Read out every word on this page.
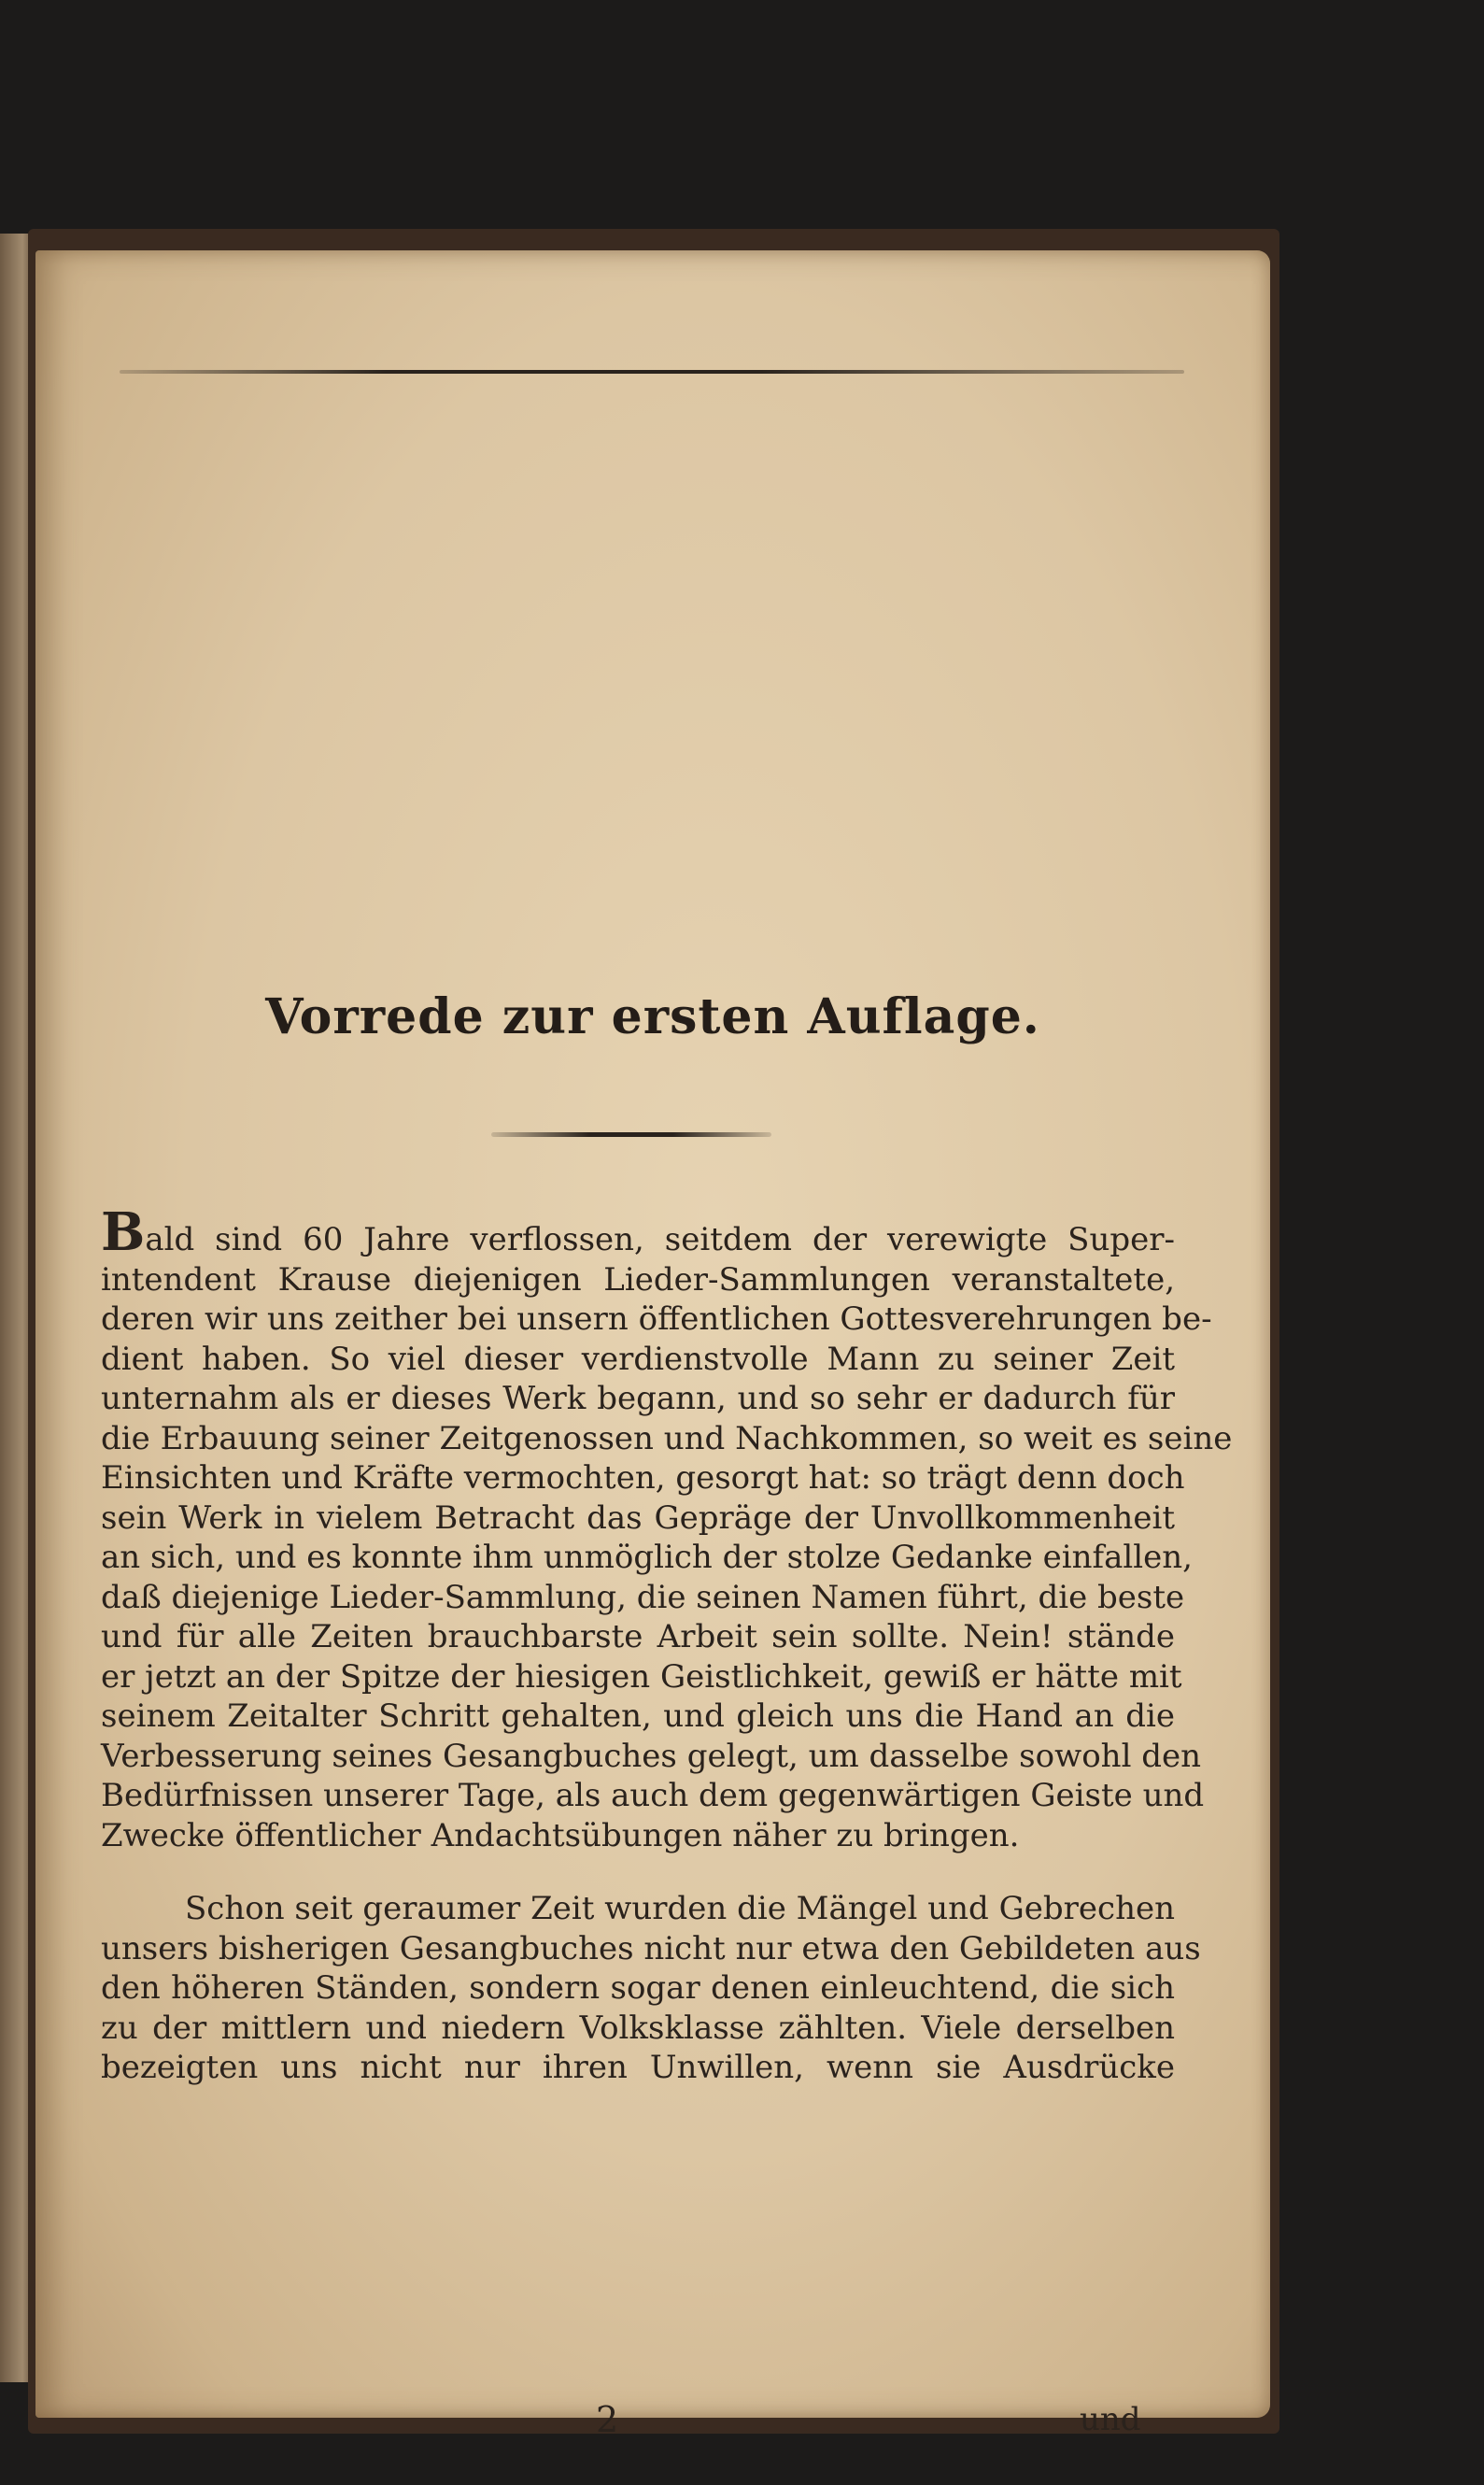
Vorrede zur ersten Auflage.
Bald sind 60 Jahre verflossen, seitdem der verewigte Super-
intendent Krause diejenigen Lieder-Sammlungen veranstaltete,
deren wir uns zeither bei unsern öffentlichen Gottesverehrungen be-
dient haben. So viel dieser verdienstvolle Mann zu seiner Zeit
unternahm als er dieses Werk begann, und so sehr er dadurch für
die Erbauung seiner Zeitgenossen und Nachkommen, so weit es seine
Einsichten und Kräfte vermochten, gesorgt hat: so trägt denn doch
sein Werk in vielem Betracht das Gepräge der Unvollkommenheit
an sich, und es konnte ihm unmöglich der stolze Gedanke einfallen,
daß diejenige Lieder-Sammlung, die seinen Namen führt, die beste
und für alle Zeiten brauchbarste Arbeit sein sollte. Nein! stände
er jetzt an der Spitze der hiesigen Geistlichkeit, gewiß er hätte mit
seinem Zeitalter Schritt gehalten, und gleich uns die Hand an die
Verbesserung seines Gesangbuches gelegt, um dasselbe sowohl den
Bedürfnissen unserer Tage, als auch dem gegenwärtigen Geiste und
Zwecke öffentlicher Andachtsübungen näher zu bringen.
Schon seit geraumer Zeit wurden die Mängel und Gebrechen
unsers bisherigen Gesangbuches nicht nur etwa den Gebildeten aus
den höheren Ständen, sondern sogar denen einleuchtend, die sich
zu der mittlern und niedern Volksklasse zählten. Viele derselben
bezeigten uns nicht nur ihren Unwillen, wenn sie Ausdrücke
2	und
